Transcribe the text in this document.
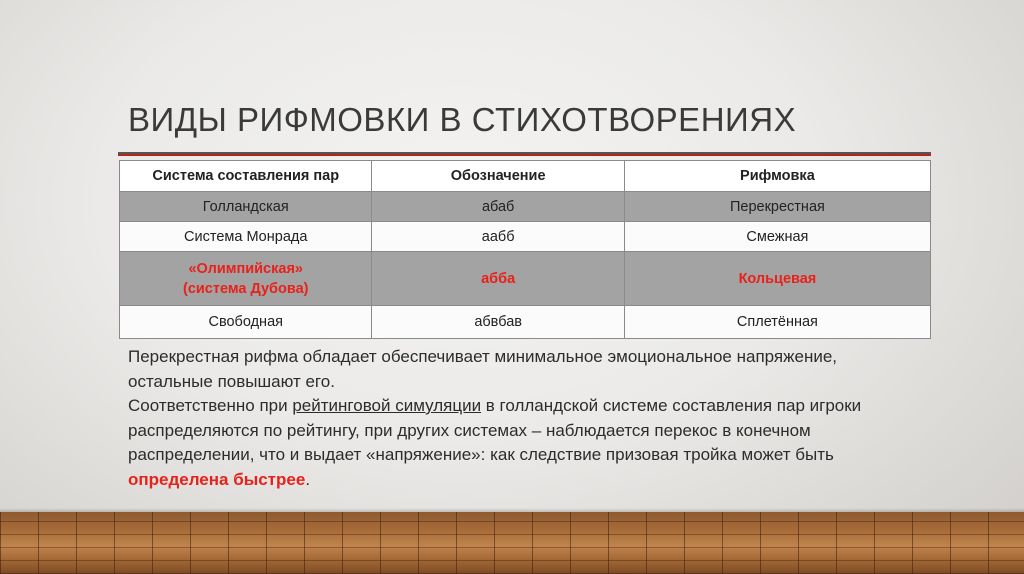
ВИДЫ РИФМОВКИ В СТИХОТВОРЕНИЯХ
Система составления пар	Обозначение	Рифмовка
Голландская	абаб	Перекрестная
Система Монрада	аабб	Смежная

«Олимпийская»
(система Дубова)	абба	Кольцевая
Свободная	абвбав	Сплетённая

Перекрестная рифма обладает обеспечивает минимальное эмоциональное напряжение, остальные повышают его.

Соответственно при рейтинговой симуляции в голландской системе составления пар игроки распределяются по рейтингу, при других системах – наблюдается перекос в конечном распределении, что и выдает «напряжение»: как следствие призовая тройка может быть определена быстрее.
